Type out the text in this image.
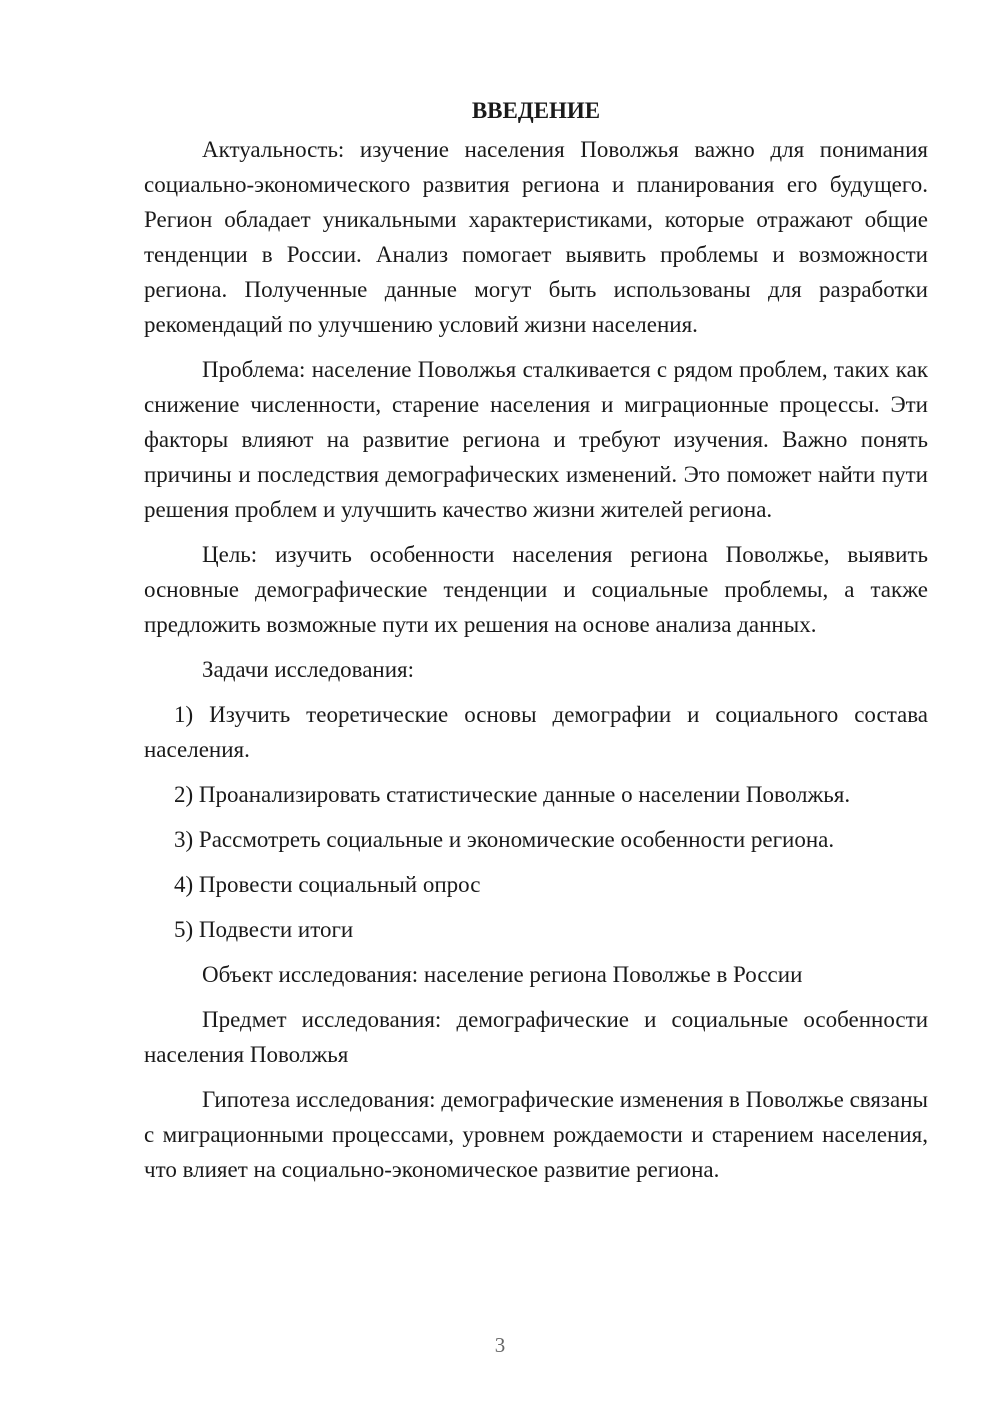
ВВЕДЕНИЕ

Актуальность: изучение населения Поволжья важно для понимания социально-экономического развития региона и планирования его будущего. Регион обладает уникальными характеристиками, которые отражают общие тенденции в России. Анализ помогает выявить проблемы и возможности региона. Полученные данные могут быть использованы для разработки рекомендаций по улучшению условий жизни населения.

Проблема: население Поволжья сталкивается с рядом проблем, таких как снижение численности, старение населения и миграционные процессы. Эти факторы влияют на развитие региона и требуют изучения. Важно понять причины и последствия демографических изменений. Это поможет найти пути решения проблем и улучшить качество жизни жителей региона.

Цель: изучить особенности населения региона Поволжье, выявить основные демографические тенденции и социальные проблемы, а также предложить возможные пути их решения на основе анализа данных.

Задачи исследования:

1) Изучить теоретические основы демографии и социального состава населения.

2) Проанализировать статистические данные о населении Поволжья.

3) Рассмотреть социальные и экономические особенности региона.

4) Провести социальный опрос

5) Подвести итоги

Объект исследования: население региона Поволжье в России

Предмет исследования: демографические и социальные особенности населения Поволжья

Гипотеза исследования: демографические изменения в Поволжье связаны с миграционными процессами, уровнем рождаемости и старением населения, что влияет на социально-экономическое развитие региона.

3
